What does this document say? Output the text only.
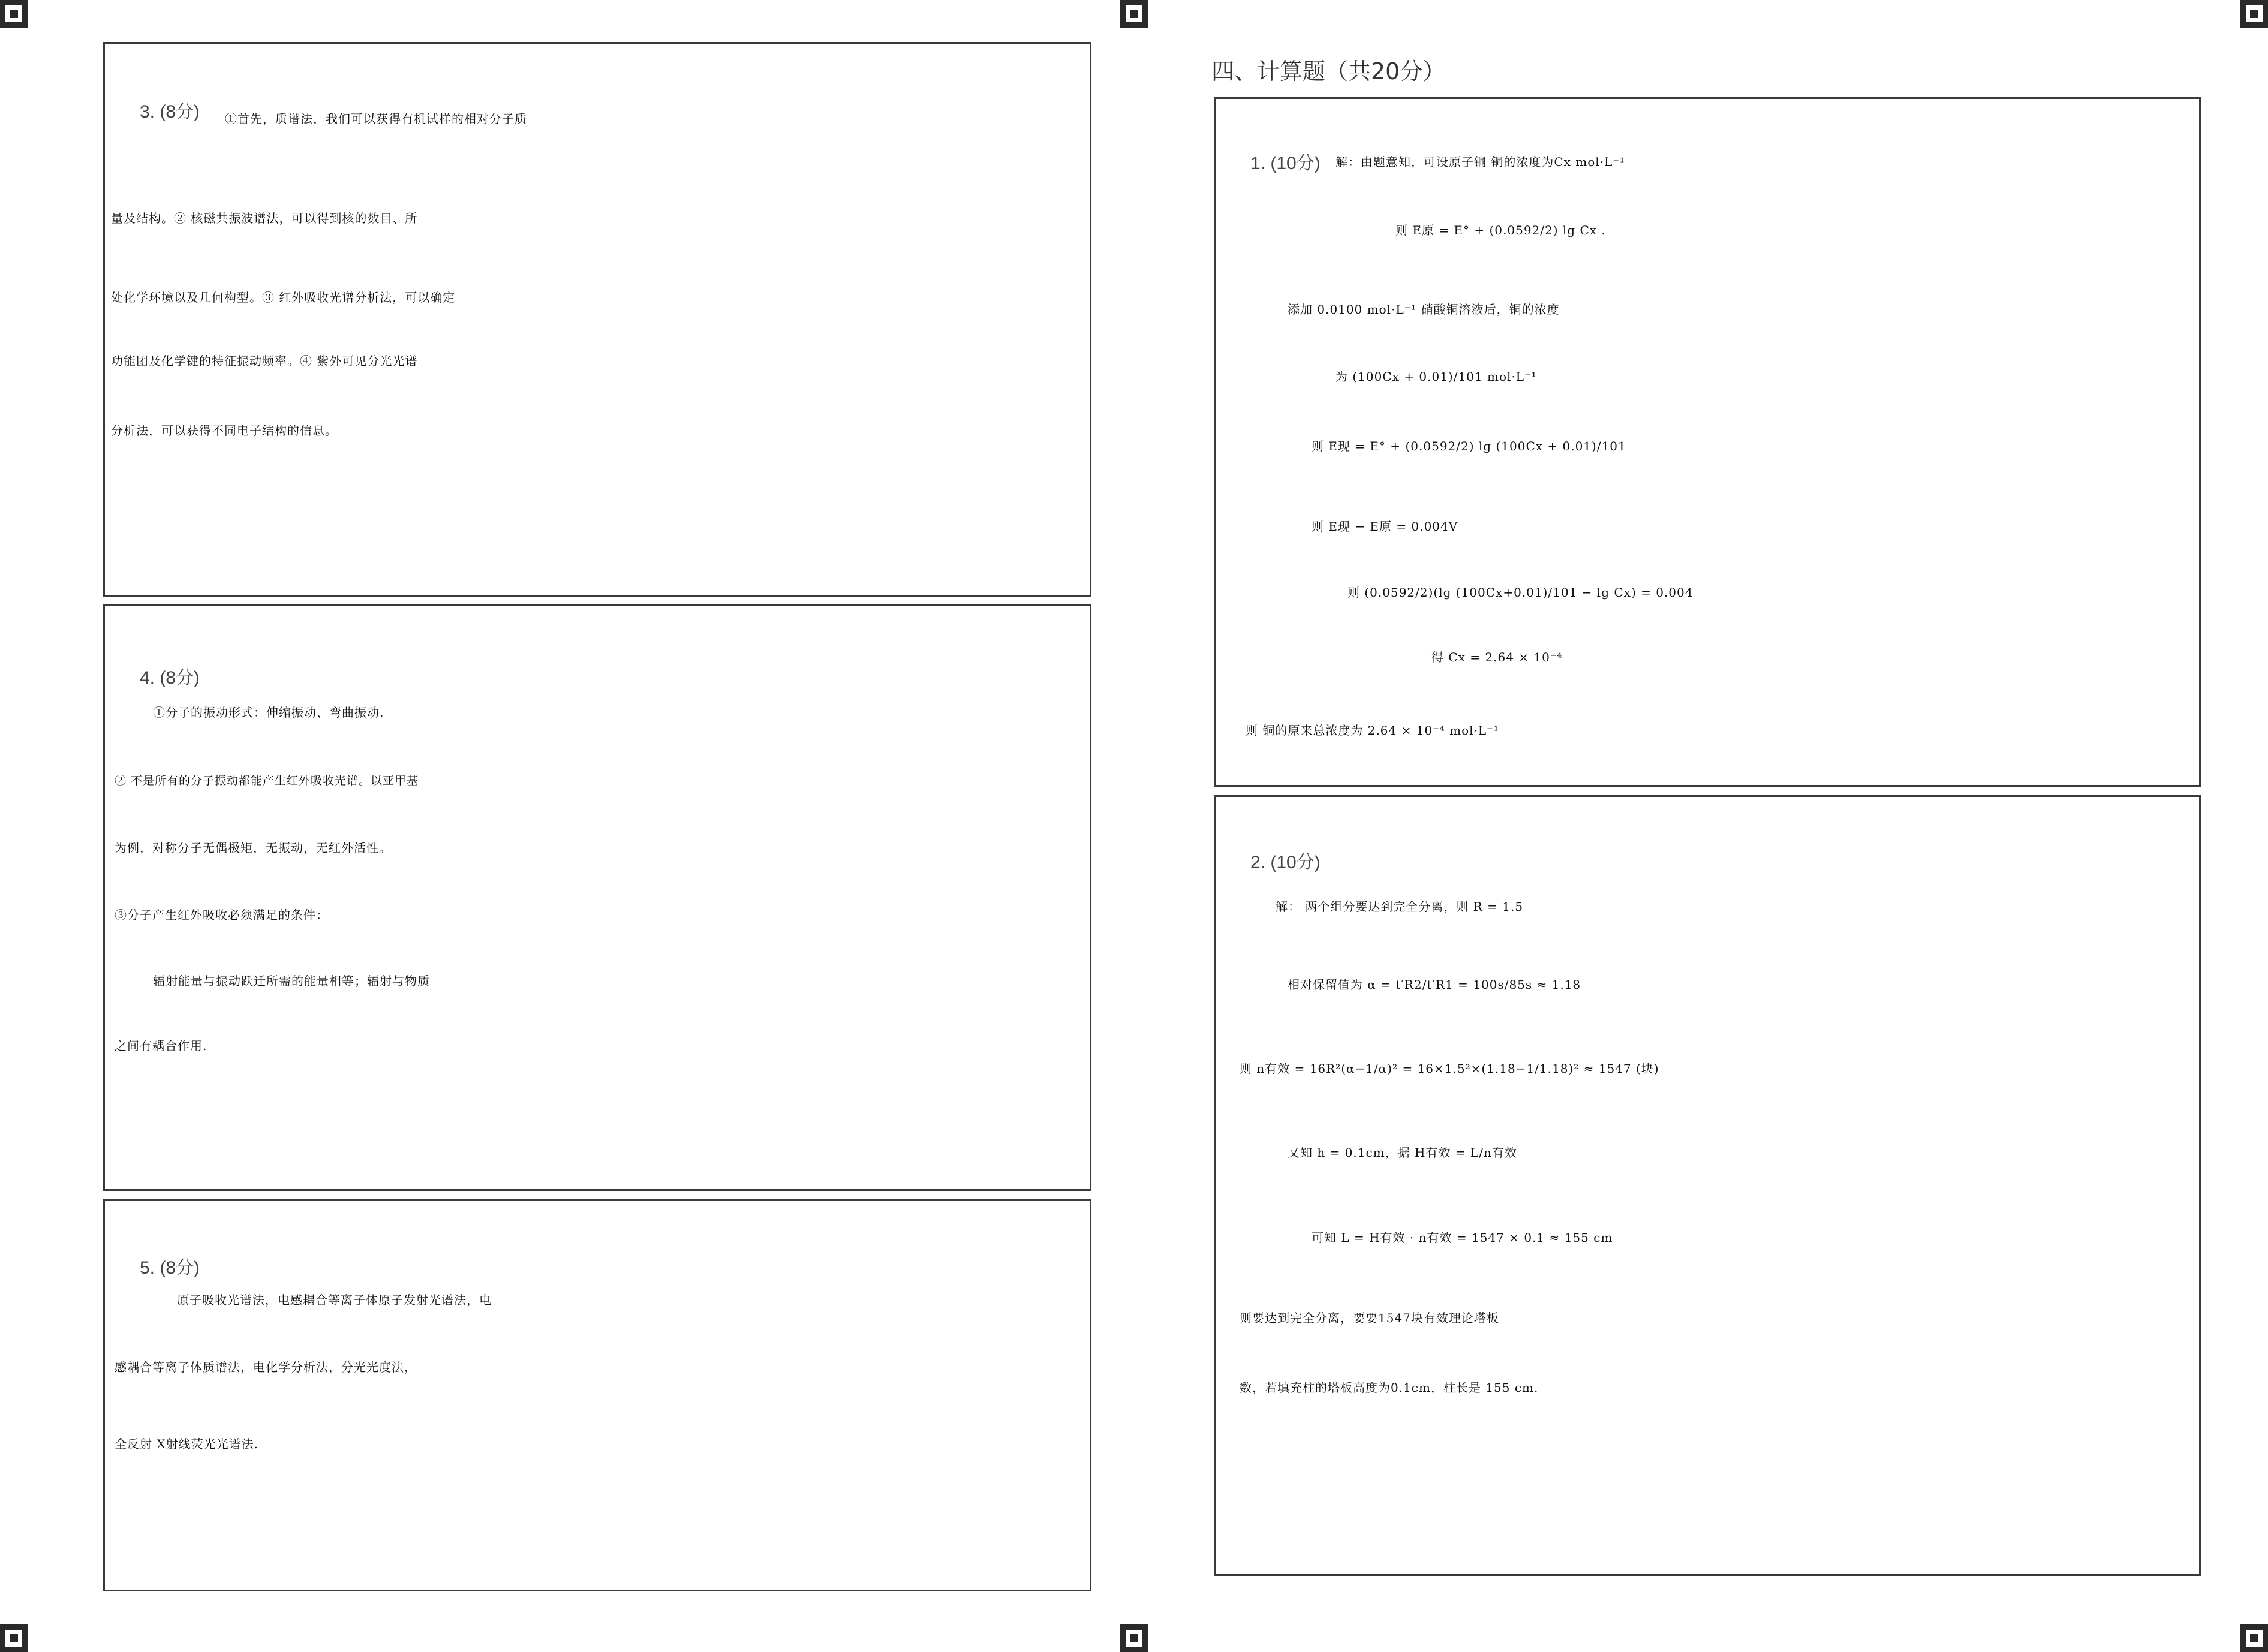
四、计算题（共20分）
3. (8分)	①首先，质谱法，我们可以获得有机试样的相对分子质
量及结构。② 核磁共振波谱法，可以得到核的数目、所
处化学环境以及几何构型。③ 红外吸收光谱分析法，可以确定
功能团及化学键的特征振动频率。④ 紫外可见分光光谱
分析法，可以获得不同电子结构的信息。
4. (8分)
①分子的振动形式：伸缩振动、弯曲振动.
② 不是所有的分子振动都能产生红外吸收光谱。以亚甲基
为例，对称分子无偶极矩，无振动，无红外活性。
③分子产生红外吸收必须满足的条件：
辐射能量与振动跃迁所需的能量相等；辐射与物质
之间有耦合作用.
5. (8分)
原子吸收光谱法，电感耦合等离子体原子发射光谱法，电
感耦合等离子体质谱法，电化学分析法，分光光度法，
全反射 X射线荧光光谱法.
1. (10分)	解：由题意知，可设原子铜 铜的浓度为Cx mol·L⁻¹
则 E原 = E° + (0.0592/2) lg Cx .
添加 0.0100 mol·L⁻¹ 硝酸铜溶液后，铜的浓度
为 (100Cx + 0.01)/101 mol·L⁻¹
则 E现 = E° + (0.0592/2) lg (100Cx + 0.01)/101
则 E现 − E原 = 0.004V
则 (0.0592/2)(lg (100Cx+0.01)/101 − lg Cx) = 0.004
得 Cx = 2.64 × 10⁻⁴
则 铜的原来总浓度为 2.64 × 10⁻⁴ mol·L⁻¹
2. (10分)
解： 两个组分要达到完全分离，则 R = 1.5
相对保留值为 α = t′R2/t′R1 = 100s/85s ≈ 1.18
则 n有效 = 16R²(α−1/α)² = 16×1.5²×(1.18−1/1.18)² ≈ 1547 (块)
又知 h = 0.1cm，据 H有效 = L/n有效
可知 L = H有效 · n有效 = 1547 × 0.1 ≈ 155 cm
则要达到完全分离，要要1547块有效理论塔板
数，若填充柱的塔板高度为0.1cm，柱长是 155 cm.
